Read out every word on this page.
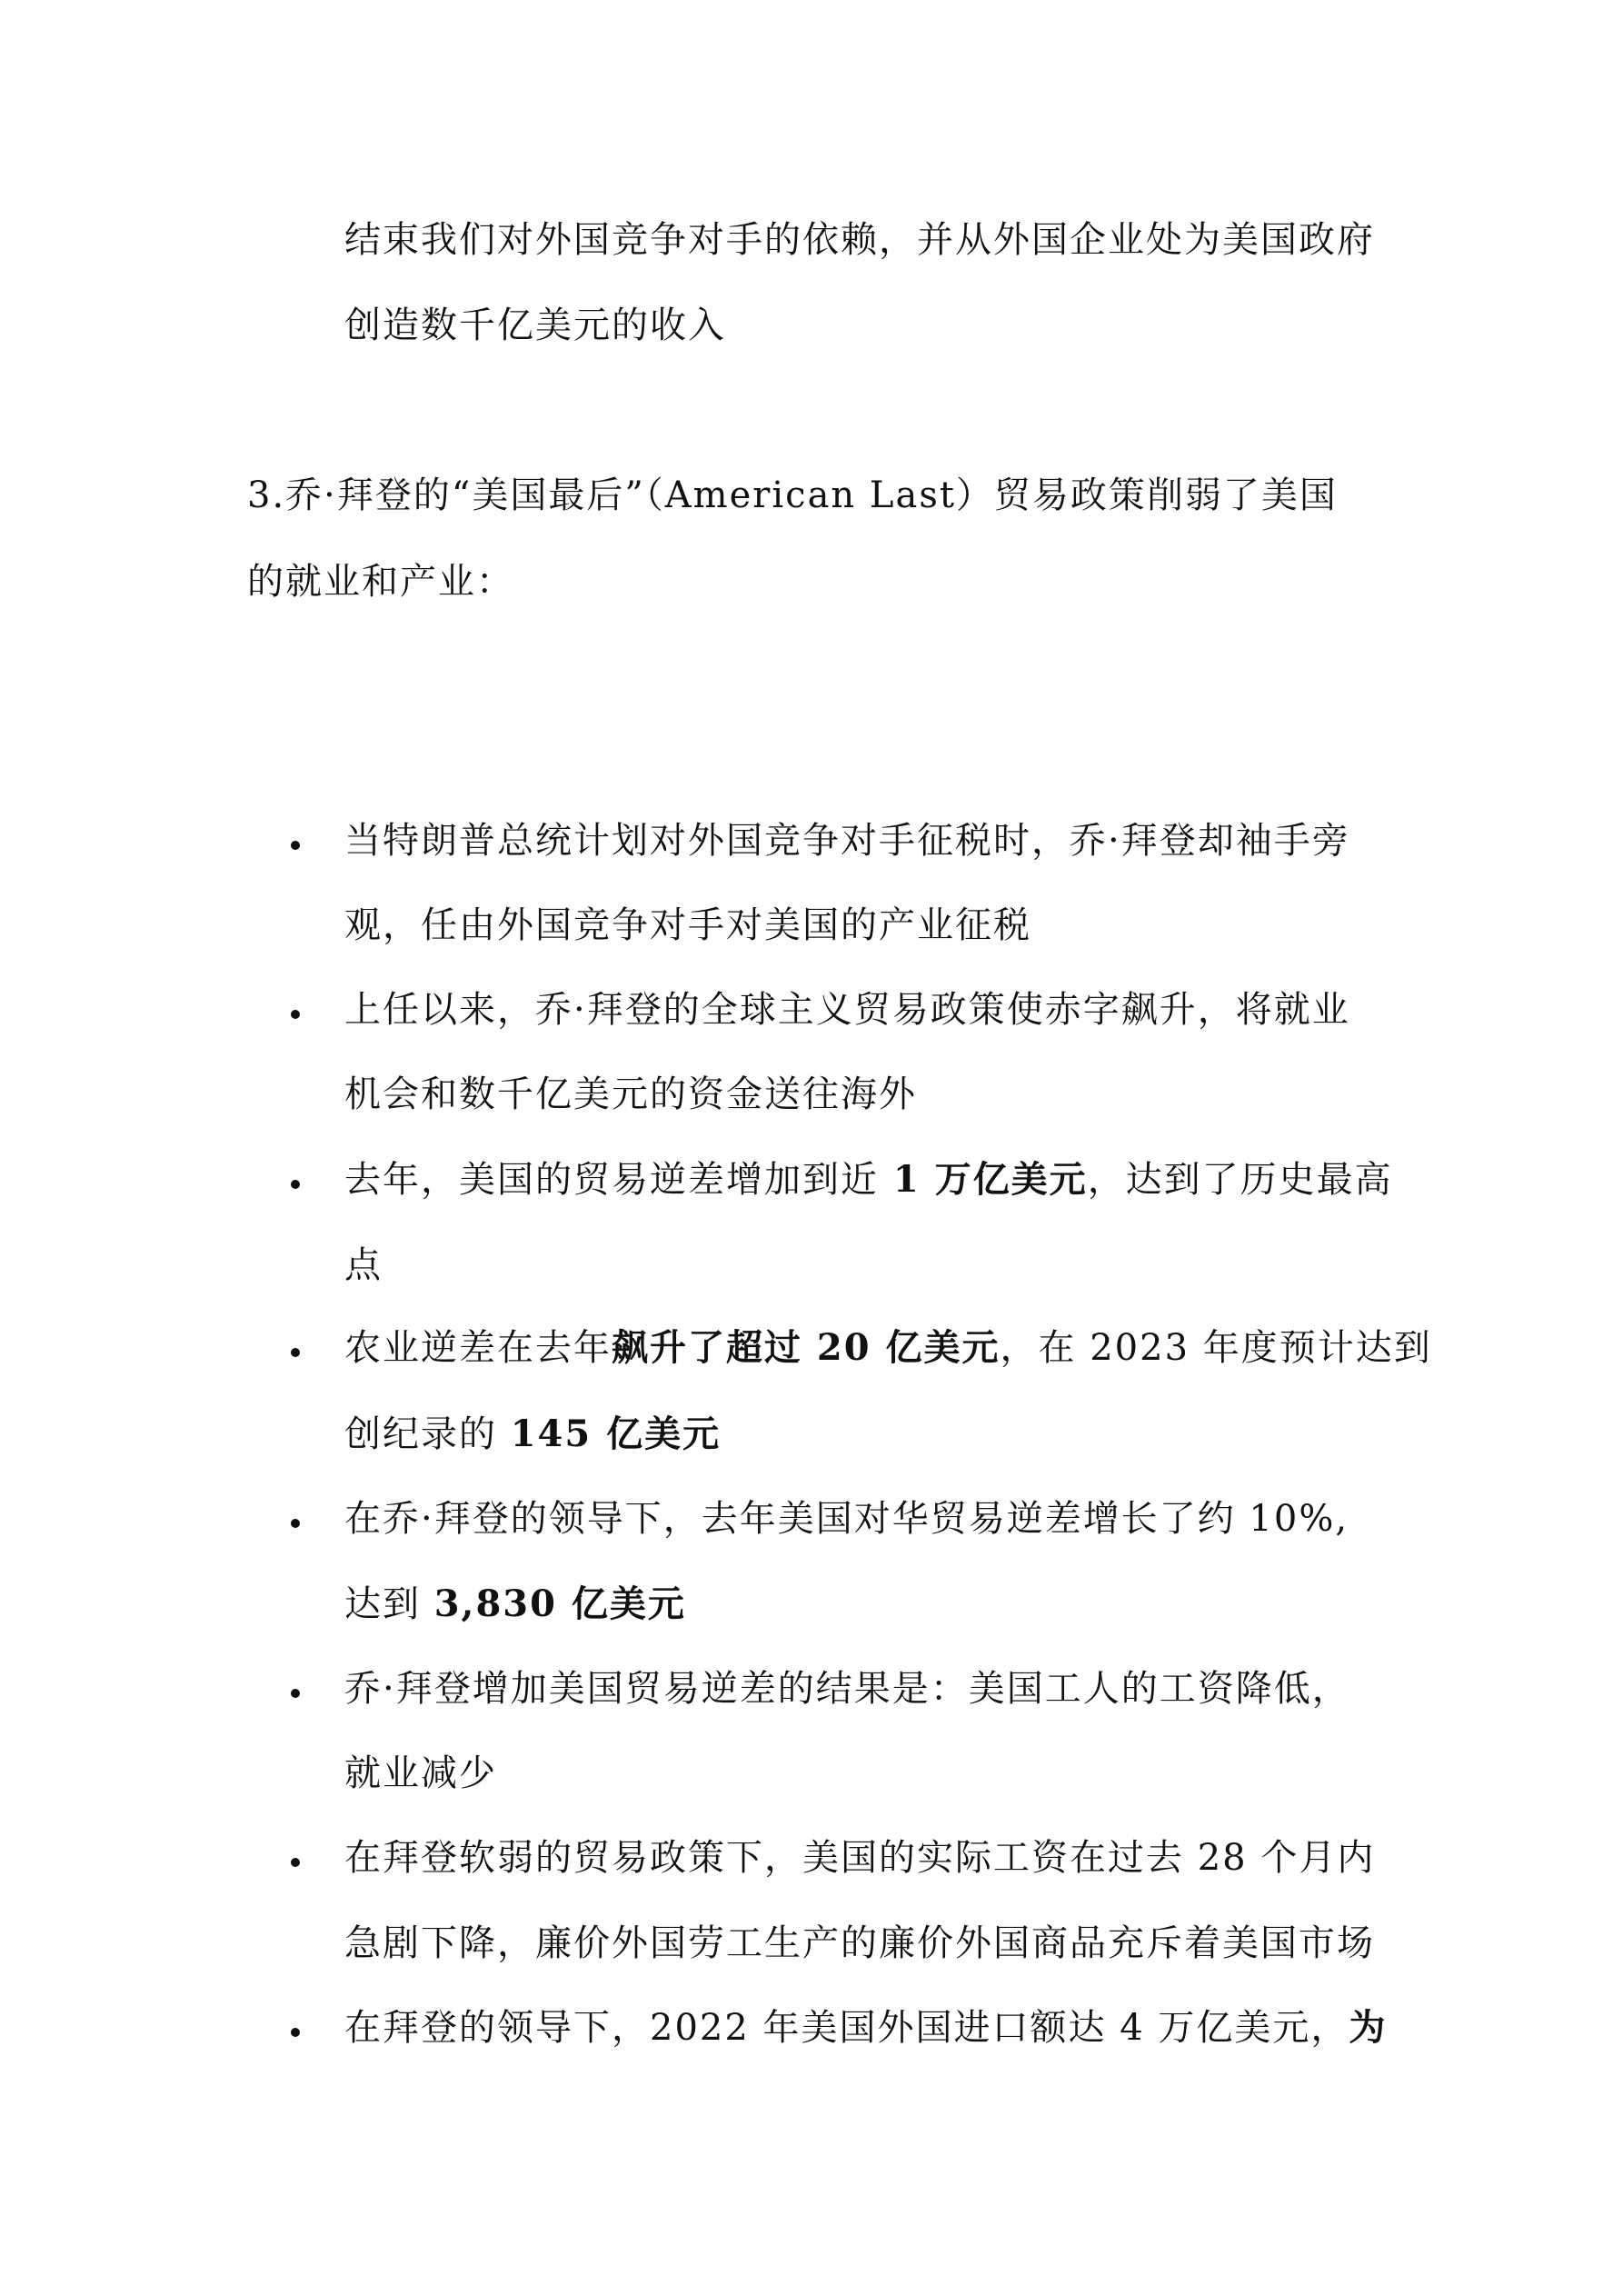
结束我们对外国竞争对手的依赖，并从外国企业处为美国政府
创造数千亿美元的收入
3.乔·拜登的“美国最后”（American Last）贸易政策削弱了美国
的就业和产业：
当特朗普总统计划对外国竞争对手征税时，乔·拜登却袖手旁
观，任由外国竞争对手对美国的产业征税
上任以来，乔·拜登的全球主义贸易政策使赤字飙升，将就业
机会和数千亿美元的资金送往海外
去年，美国的贸易逆差增加到近 1 万亿美元，达到了历史最高
点
农业逆差在去年飙升了超过 20 亿美元，在 2023 年度预计达到
创纪录的 145 亿美元
在乔·拜登的领导下，去年美国对华贸易逆差增长了约 10%,
达到 3,830 亿美元
乔·拜登增加美国贸易逆差的结果是：美国工人的工资降低，
就业减少
在拜登软弱的贸易政策下，美国的实际工资在过去 28 个月内
急剧下降，廉价外国劳工生产的廉价外国商品充斥着美国市场
在拜登的领导下，2022 年美国外国进口额达 4 万亿美元，为
